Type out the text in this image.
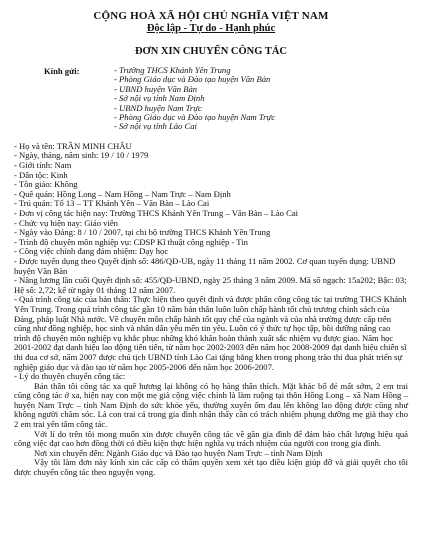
CỘNG HOÀ XÃ HỘI CHỦ NGHĨA VIỆT NAM
Độc lập - Tự do - Hạnh phúc
ĐƠN XIN CHUYỂN CÔNG TÁC
Kính gửi:	- Trường THCS Khánh Yên Trung
- Phòng Giáo dục và Đào tạo huyện Văn Bàn
- UBND huyện Văn Bàn
- Sở nội vụ tỉnh Nam Định
- UBND huyện Nam Trực
- Phòng Giáo dục và Đào tạo huyện Nam Trực
- Sở nội vụ tỉnh Lào Cai

- Họ và tên: TRẦN MINH CHÂU

- Ngày, tháng, năm sinh: 19 / 10 / 1979

- Giới tính: Nam

- Dân tộc: Kinh

- Tôn giáo: Không

- Quê quán: Hồng Long – Nam Hồng – Nam Trực – Nam Định

- Trú quán: Tổ 13 – TT Khánh Yên – Văn Bàn – Lào Cai

- Đơn vị công tác hiện nay: Trường THCS Khánh Yên Trung – Văn Bàn – Lào Cai

- Chức vụ hiện nay: Giáo viên

- Ngày vào Đảng: 8 / 10 / 2007, tại chi bộ trường THCS Khánh Yên Trung

- Trình độ chuyên môn nghiệp vụ: CĐSP Kĩ thuật công nghiệp - Tin

- Công việc chính đang đảm nhiệm: Dạy học

- Được tuyển dụng theo Quyết định số: 486/QĐ-UB, ngày 11 tháng 11 năm 2002. Cơ quan tuyển dụng: UBND huyện Văn Bàn

- Nâng lương lần cuối Quyết định số: 455/QĐ-UBND, ngày 25 tháng 3 năm 2009. Mã số ngạch: 15a202; Bậc: 03; Hệ số: 2,72; kể từ ngày 01 tháng 12 năm 2007.

- Quá trình công tác của bản thân: Thực hiện theo quyết định và được phân công công tác tại trường THCS Khánh Yên Trung. Trong quá trình công tác gần 10 năm bản thân luôn luôn chấp hành tốt chủ trương chính sách của Đảng, pháp luật Nhà nước. Về chuyên môn chấp hành tốt quy chế của ngành và của nhà trường được cấp trên cũng như đồng nghiệp, học sinh và nhân dân yêu mến tin yêu. Luôn có ý thức tự học tập, bồi dưỡng nâng cao trình độ chuyên môn nghiệp vụ khắc phục những khó khăn hoàn thành xuất sắc nhiệm vụ được giao. Năm học 2001-2002 đạt danh hiệu lao động tiên tiến, từ năm học 2002-2003 đến năm học 2008-2009 đạt danh hiệu chiến sĩ thi đua cơ sở, năm 2007 được chủ tịch UBND tỉnh Lào Cai tặng bằng khen trong phong trào thi đua phát triển sự nghiệp giáo dục và đào tạo từ năm học 2005-2006 đến năm học 2006-2007.

- Lý do thuyên chuyển công tác:

Bản thân tôi công tác xa quê hương lại không có họ hàng thân thích. Mặt khác bố đẻ mất sớm, 2 em trai cũng công tác ở xa, hiện nay con một mẹ già cộng việc chính là làm ruộng tại thôn Hồng Long – xã Nam Hồng – huyện Nam Trực – tỉnh Nam Định do sức khỏe yếu, thường xuyên ốm đau lên không lao động được cũng như không người chăm sóc. Là con trai cả trong gia đình nhận thấy cần có trách nhiệm phụng dưỡng mẹ già thay cho 2 em trai yên tâm công tác.

Với lí do trên tôi mong muốn xin được chuyển công tác về gần gia đình để đảm bảo chất lượng hiệu quả công việc đạt cao hơn đồng thời có điều kiện thực hiện nghĩa vụ trách nhiệm của người con trong gia đình.

Nơi xin chuyển đến: Ngành Giáo dục và Đào tạo huyện Nam Trực – tỉnh Nam Định

Vậy tôi làm đơn này kính xin các cấp có thẩm quyền xem xét tạo điều kiện giúp đỡ và giải quyết cho tôi được chuyển công tác theo nguyện vọng.
